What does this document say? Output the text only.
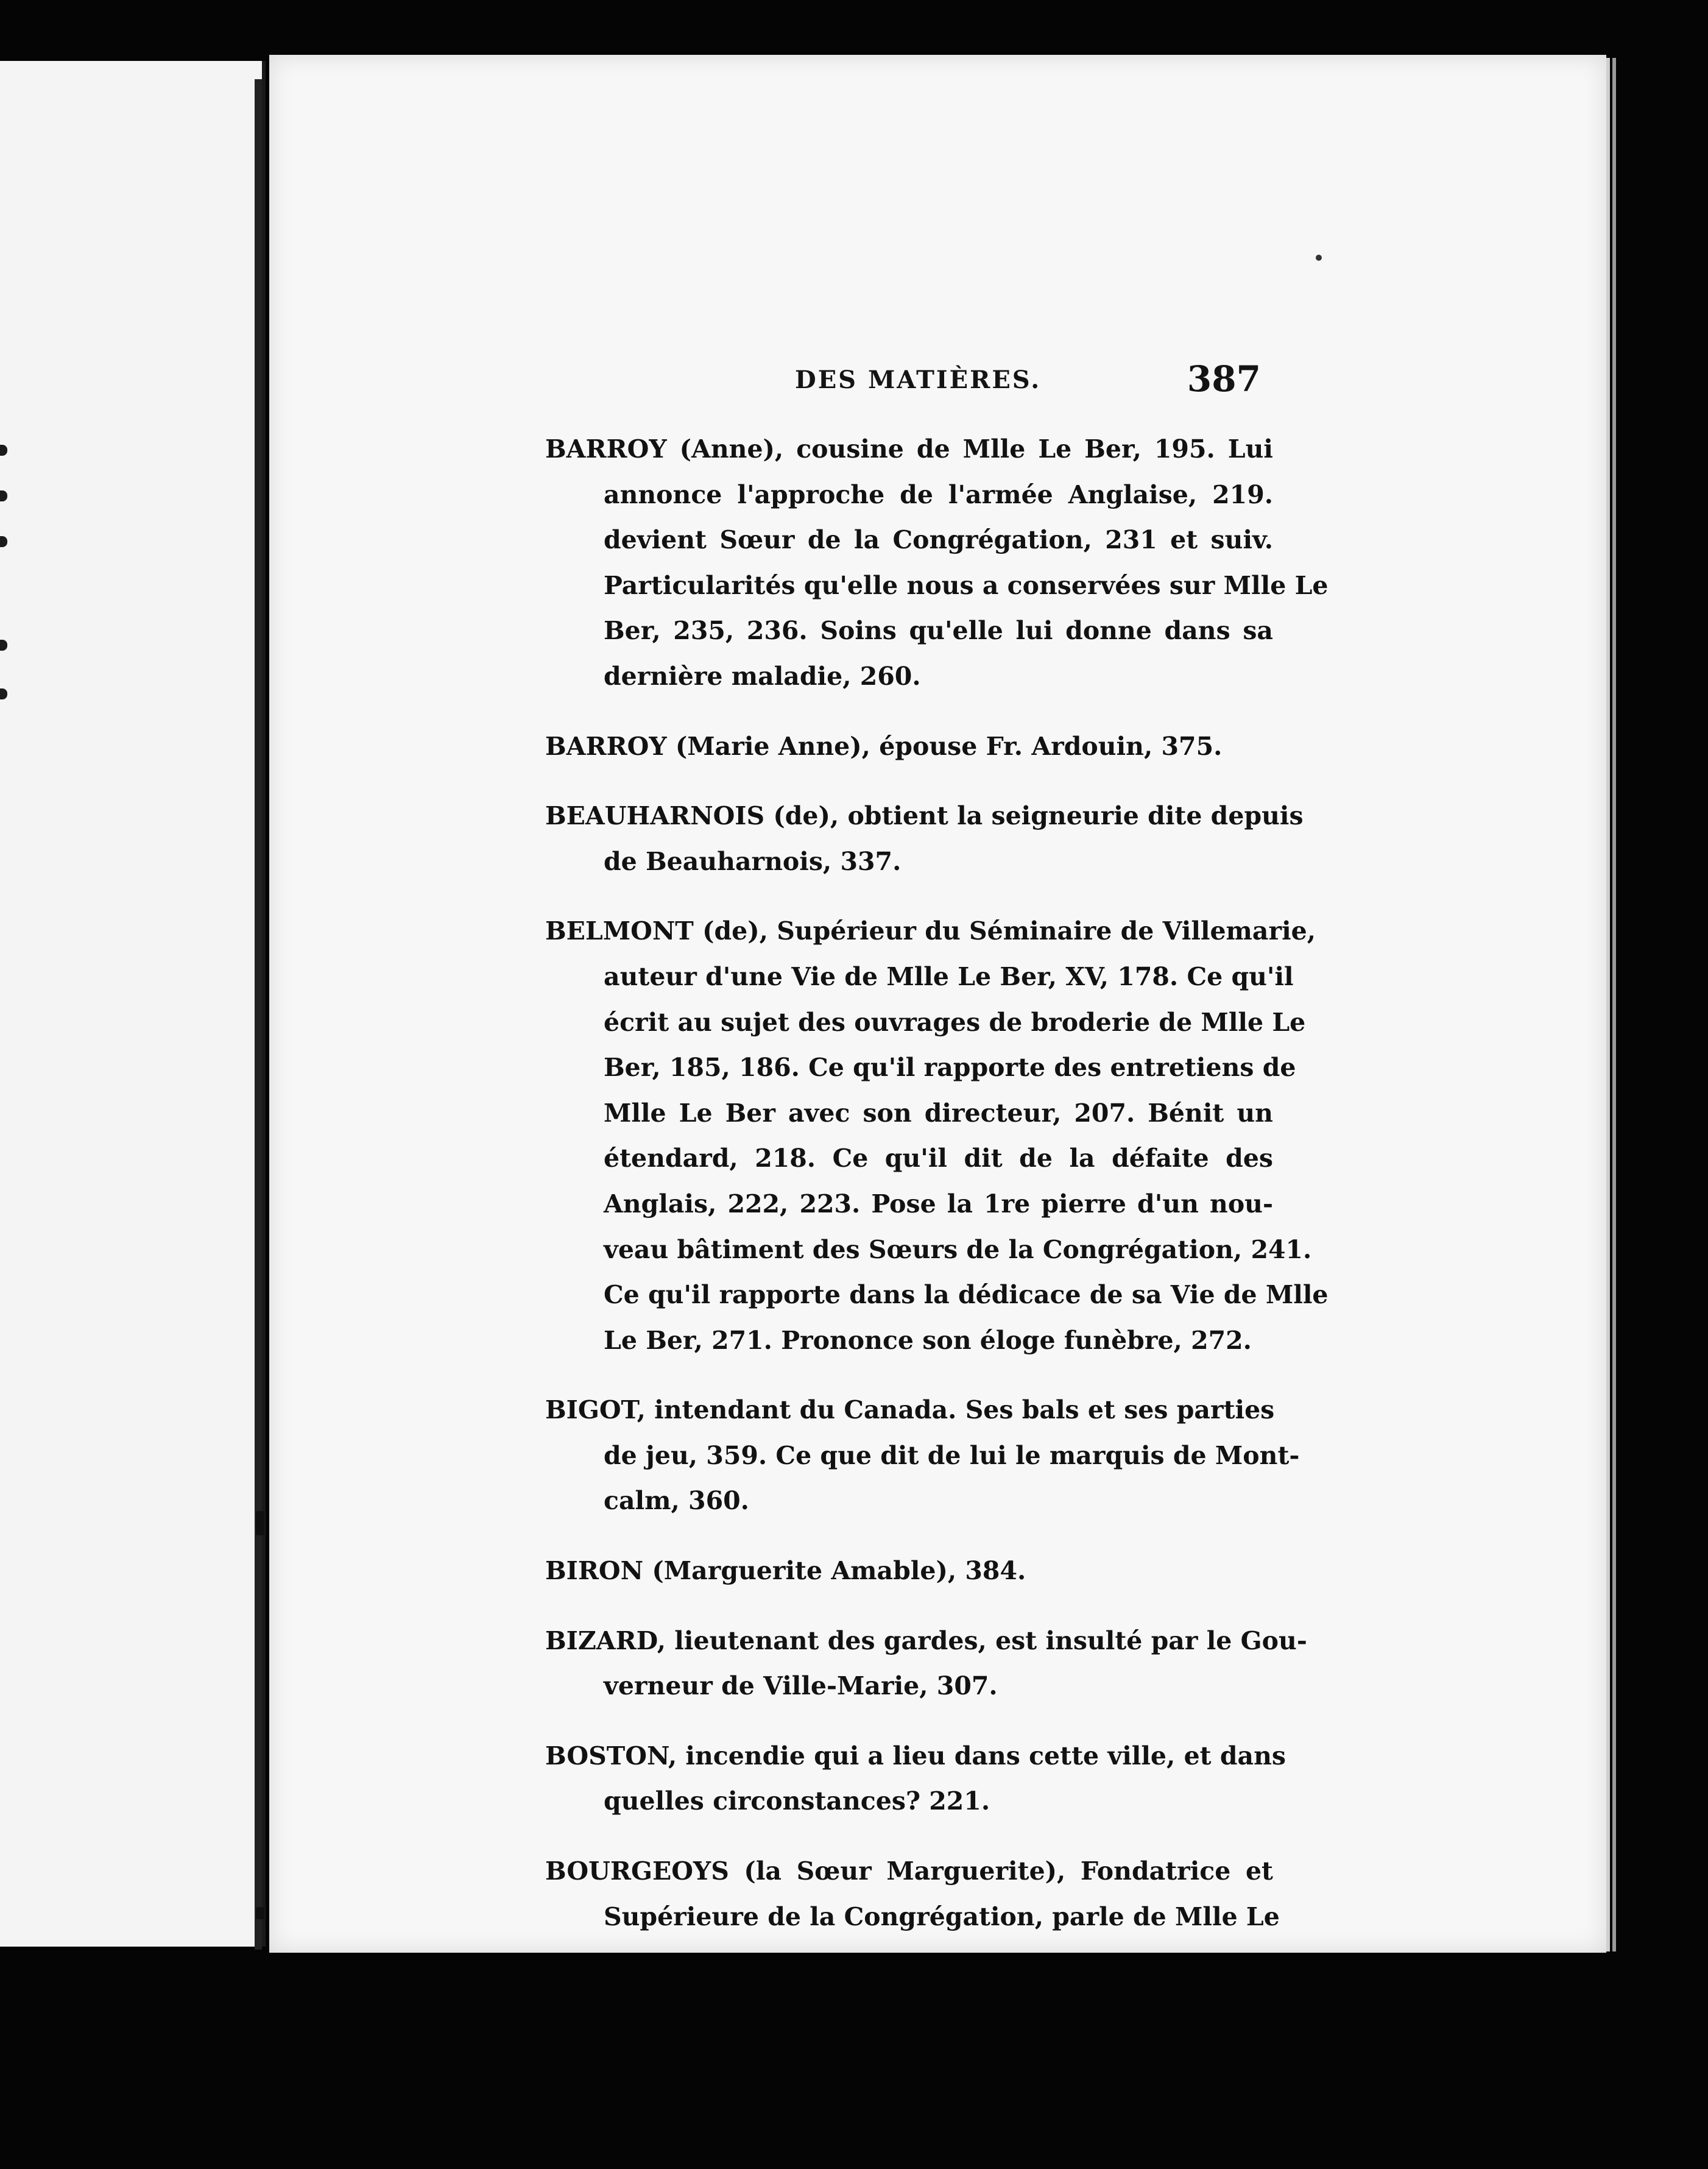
DES MATIÈRES.	387
BARROY (Anne), cousine de Mlle Le Ber, 195. Lui
annonce l'approche de l'armée Anglaise, 219.
devient Sœur de la Congrégation, 231 et suiv.
Particularités qu'elle nous a conservées sur Mlle Le
Ber, 235, 236. Soins qu'elle lui donne dans sa
dernière maladie, 260.
BARROY (Marie Anne), épouse Fr. Ardouin, 375.
BEAUHARNOIS (de), obtient la seigneurie dite depuis
de Beauharnois, 337.
BELMONT (de), Supérieur du Séminaire de Villemarie,
auteur d'une Vie de Mlle Le Ber, XV, 178. Ce qu'il
écrit au sujet des ouvrages de broderie de Mlle Le
Ber, 185, 186. Ce qu'il rapporte des entretiens de
Mlle Le Ber avec son directeur, 207. Bénit un
étendard, 218. Ce qu'il dit de la défaite des
Anglais, 222, 223. Pose la 1re pierre d'un nou-
veau bâtiment des Sœurs de la Congrégation, 241.
Ce qu'il rapporte dans la dédicace de sa Vie de Mlle
Le Ber, 271. Prononce son éloge funèbre, 272.
BIGOT, intendant du Canada. Ses bals et ses parties
de jeu, 359. Ce que dit de lui le marquis de Mont-
calm, 360.
BIRON (Marguerite Amable), 384.
BIZARD, lieutenant des gardes, est insulté par le Gou-
verneur de Ville-Marie, 307.
BOSTON, incendie qui a lieu dans cette ville, et dans
quelles circonstances? 221.
BOURGEOYS (la Sœur Marguerite), Fondatrice et
Supérieure de la Congrégation, parle de Mlle Le
